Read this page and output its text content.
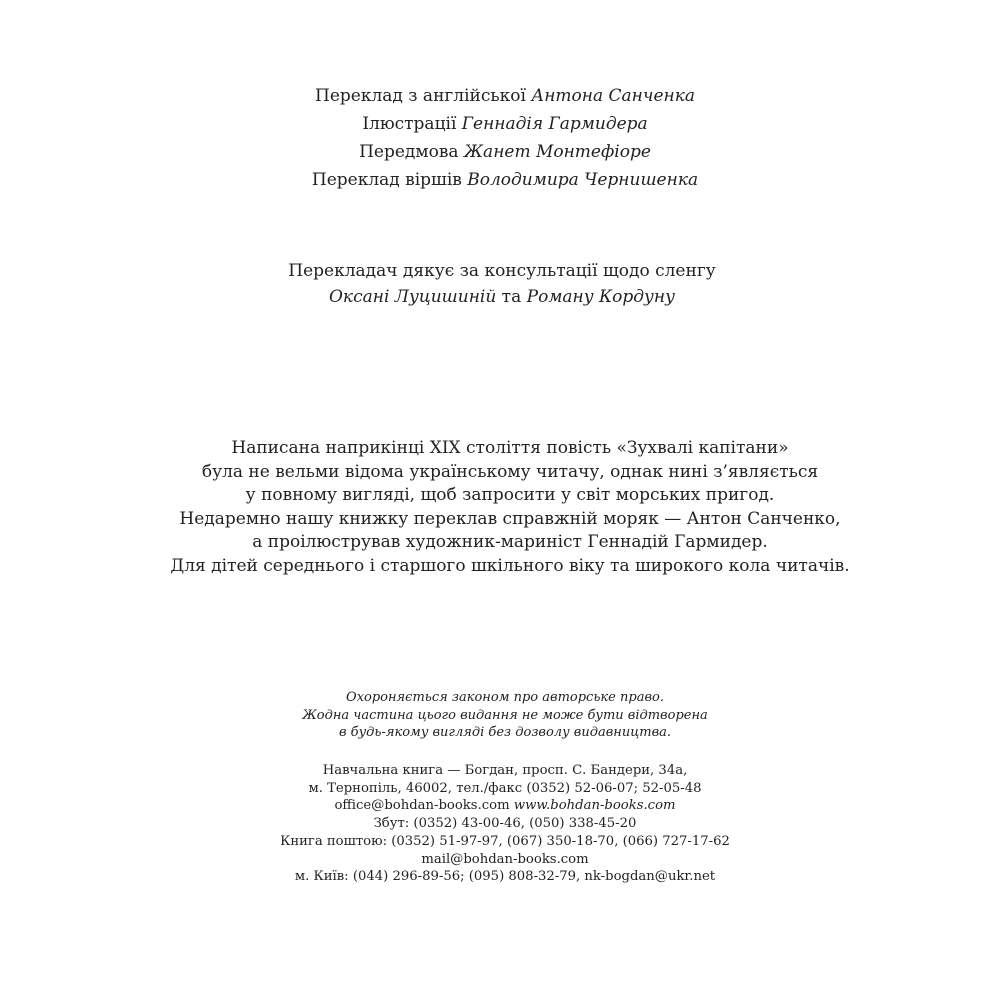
Переклад з англійської Антона Санченка
Ілюстрації Геннадія Гармидера
Передмова Жанет Монтефіоре
Переклад віршів Володимира Чернишенка
Перекладач дякує за консультації щодо сленгу
Оксані Луцишиній та Роману Кордуну
Написана наприкінці XIX століття повість «Зухвалі капітани»
була не вельми відома українському читачу, однак нині з’являється
у повному вигляді, щоб запросити у світ морських пригод.
Недаремно нашу книжку переклав справжній моряк — Антон Санченко,
а проілюстрував художник-мариніст Геннадій Гармидер.
Для дітей середнього і старшого шкільного віку та широкого кола читачів.
Охороняється законом про авторське право.
Жодна частина цього видання не може бути відтворена
в будь-якому вигляді без дозволу видавництва.
Навчальна книга — Богдан, просп. С. Бандери, 34а,
м. Тернопіль, 46002, тел./факс (0352) 52-06-07; 52-05-48
office@bohdan-books.com www.bohdan-books.com
Збут: (0352) 43-00-46, (050) 338-45-20
Книга поштою: (0352) 51-97-97, (067) 350-18-70, (066) 727-17-62
mail@bohdan-books.com
м. Київ: (044) 296-89-56; (095) 808-32-79, nk-bogdan@ukr.net
